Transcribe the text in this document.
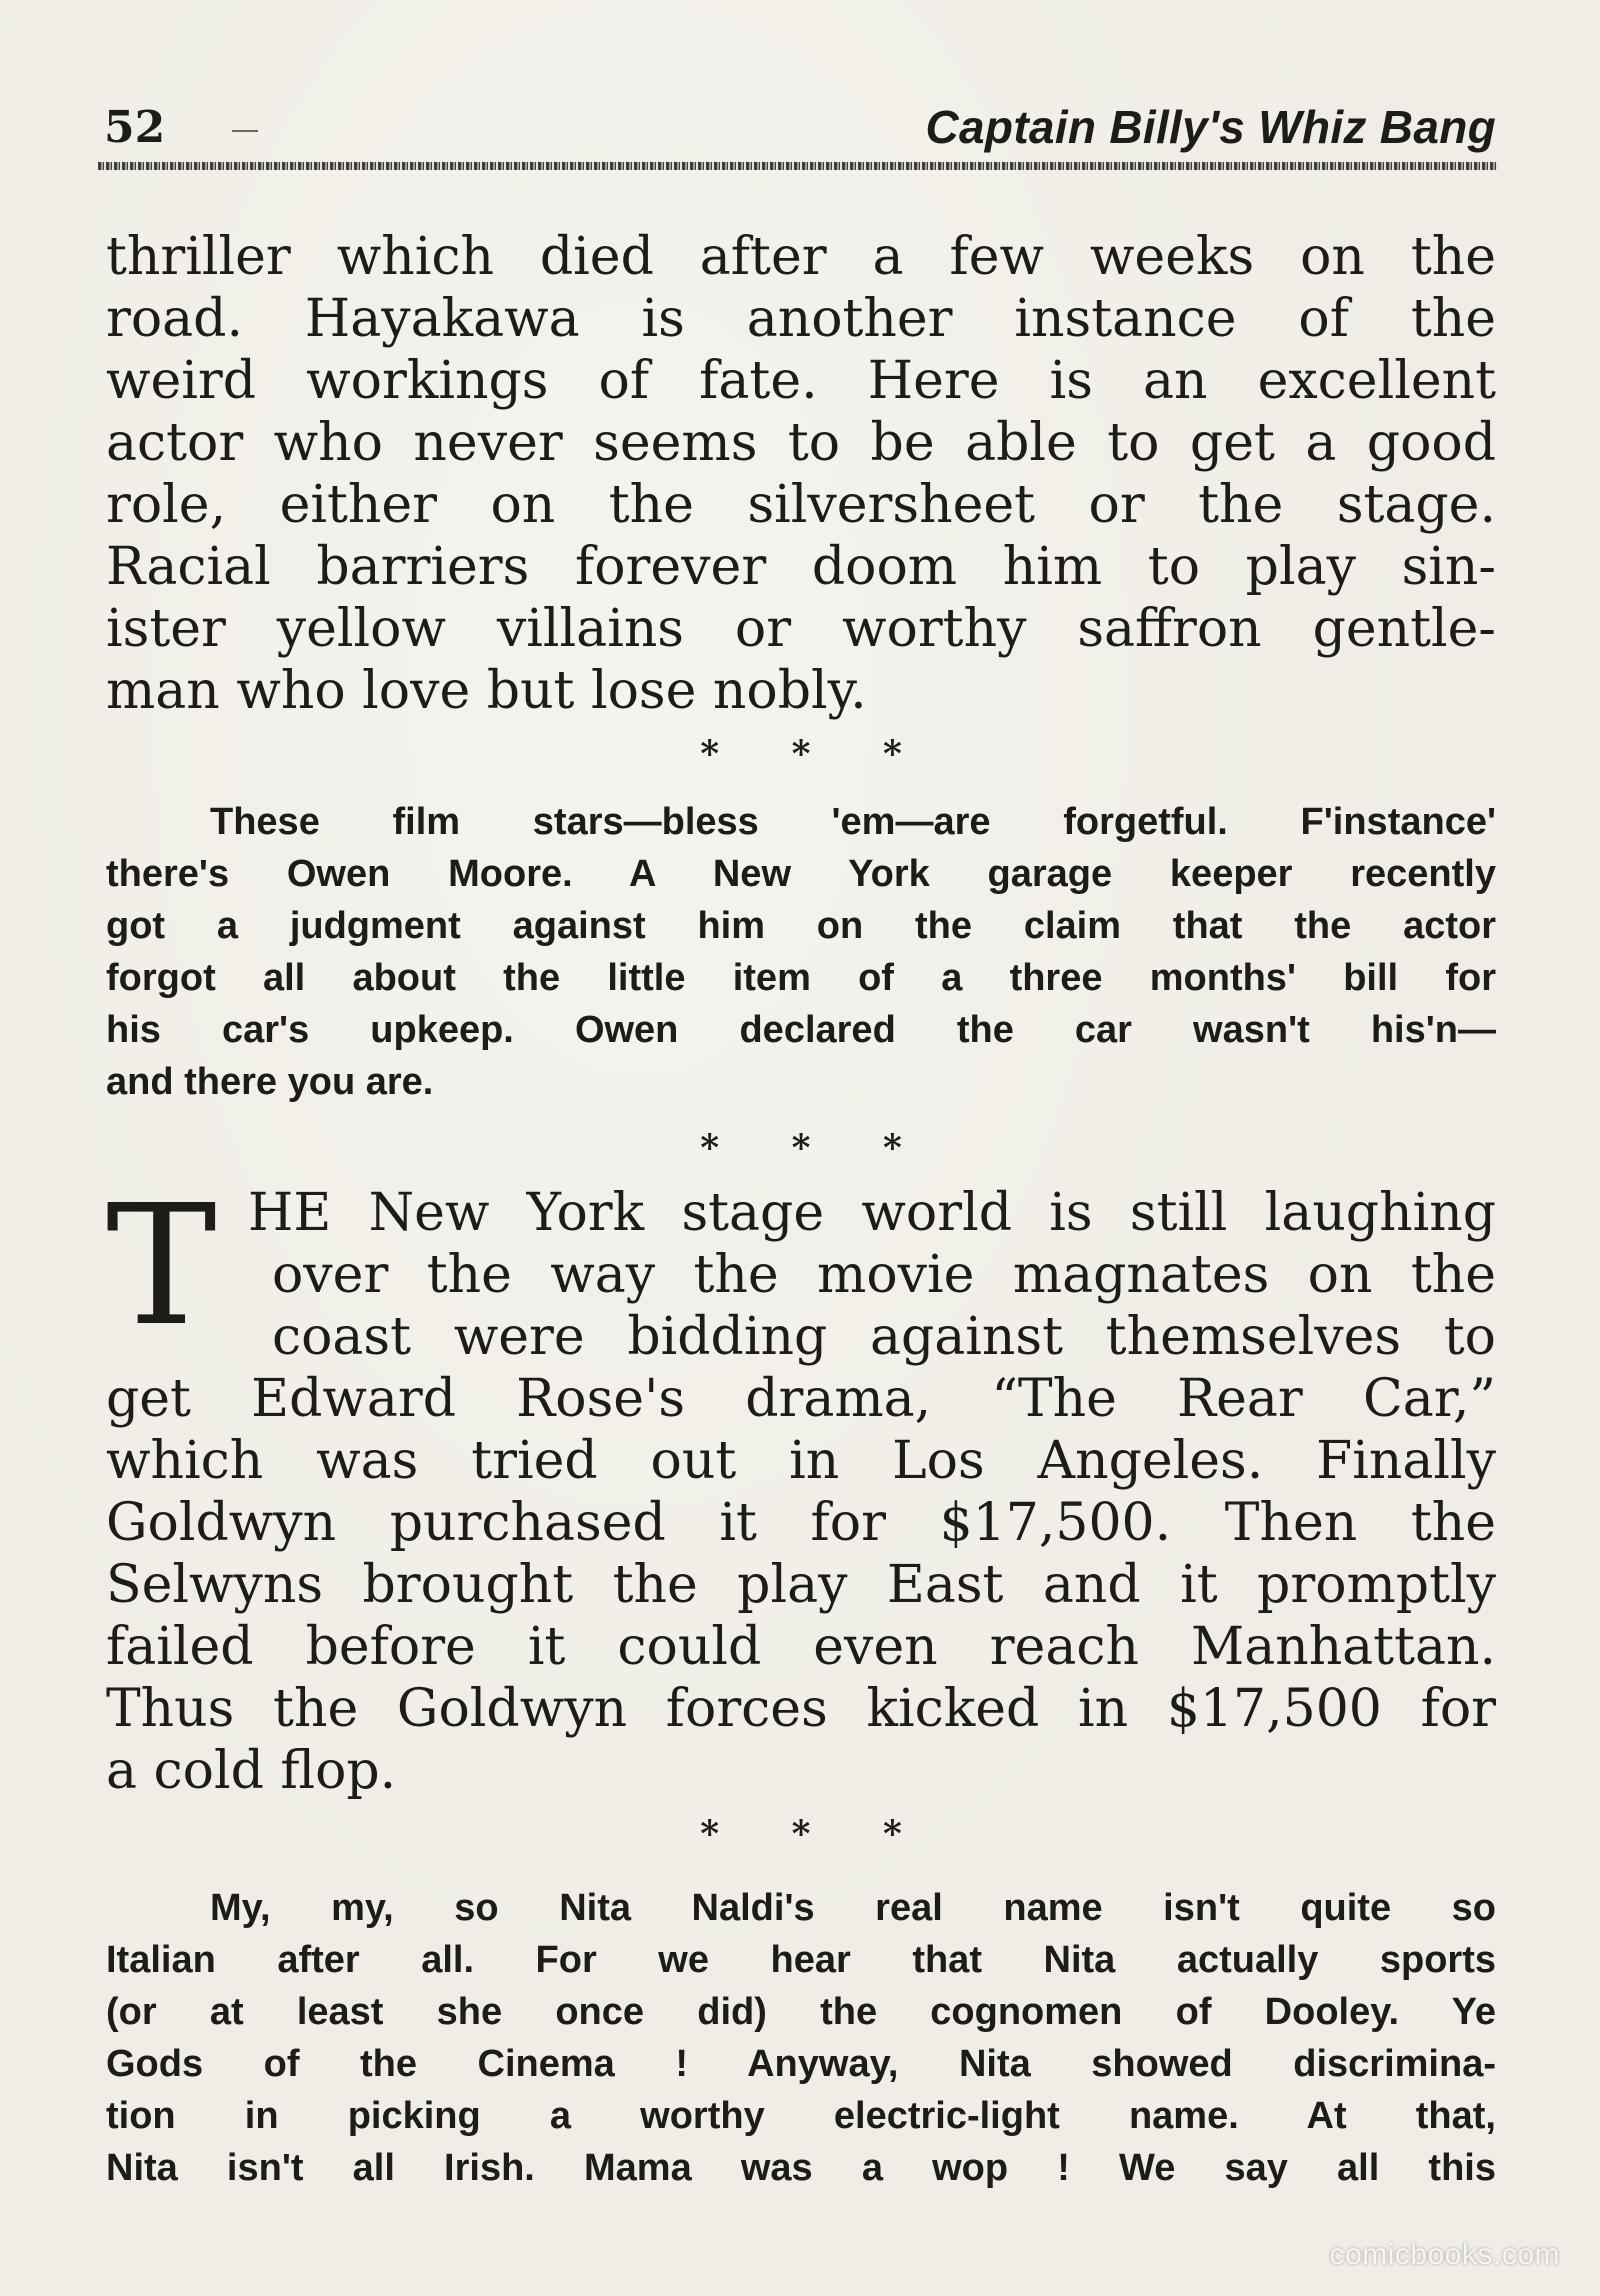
52	Captain Billy's Whiz Bang
thriller which died after a few weeks on the
road. Hayakawa is another instance of the
weird workings of fate. Here is an excellent
actor who never seems to be able to get a good
role, either on the silversheet or the stage.
Racial barriers forever doom him to play sin-
ister yellow villains or worthy saffron gentle-
man who love but lose nobly.
* * *
These film stars—bless 'em—are forgetful. F'instance'
there's Owen Moore. A New York garage keeper recently
got a judgment against him on the claim that the actor
forgot all about the little item of a three months' bill for
his car's upkeep. Owen declared the car wasn't his'n—
and there you are.
* * *
T HE New York stage world is still laughing
over the way the movie magnates on the
coast were bidding against themselves to
get Edward Rose's drama, “The Rear Car,”
which was tried out in Los Angeles. Finally
Goldwyn purchased it for $17,500. Then the
Selwyns brought the play East and it promptly
failed before it could even reach Manhattan.
Thus the Goldwyn forces kicked in $17,500 for
a cold flop.
* * *
My, my, so Nita Naldi's real name isn't quite so
Italian after all. For we hear that Nita actually sports
(or at least she once did) the cognomen of Dooley. Ye
Gods of the Cinema ! Anyway, Nita showed discrimina-
tion in picking a worthy electric-light name. At that,
Nita isn't all Irish. Mama was a wop ! We say all this
comicbooks.com
